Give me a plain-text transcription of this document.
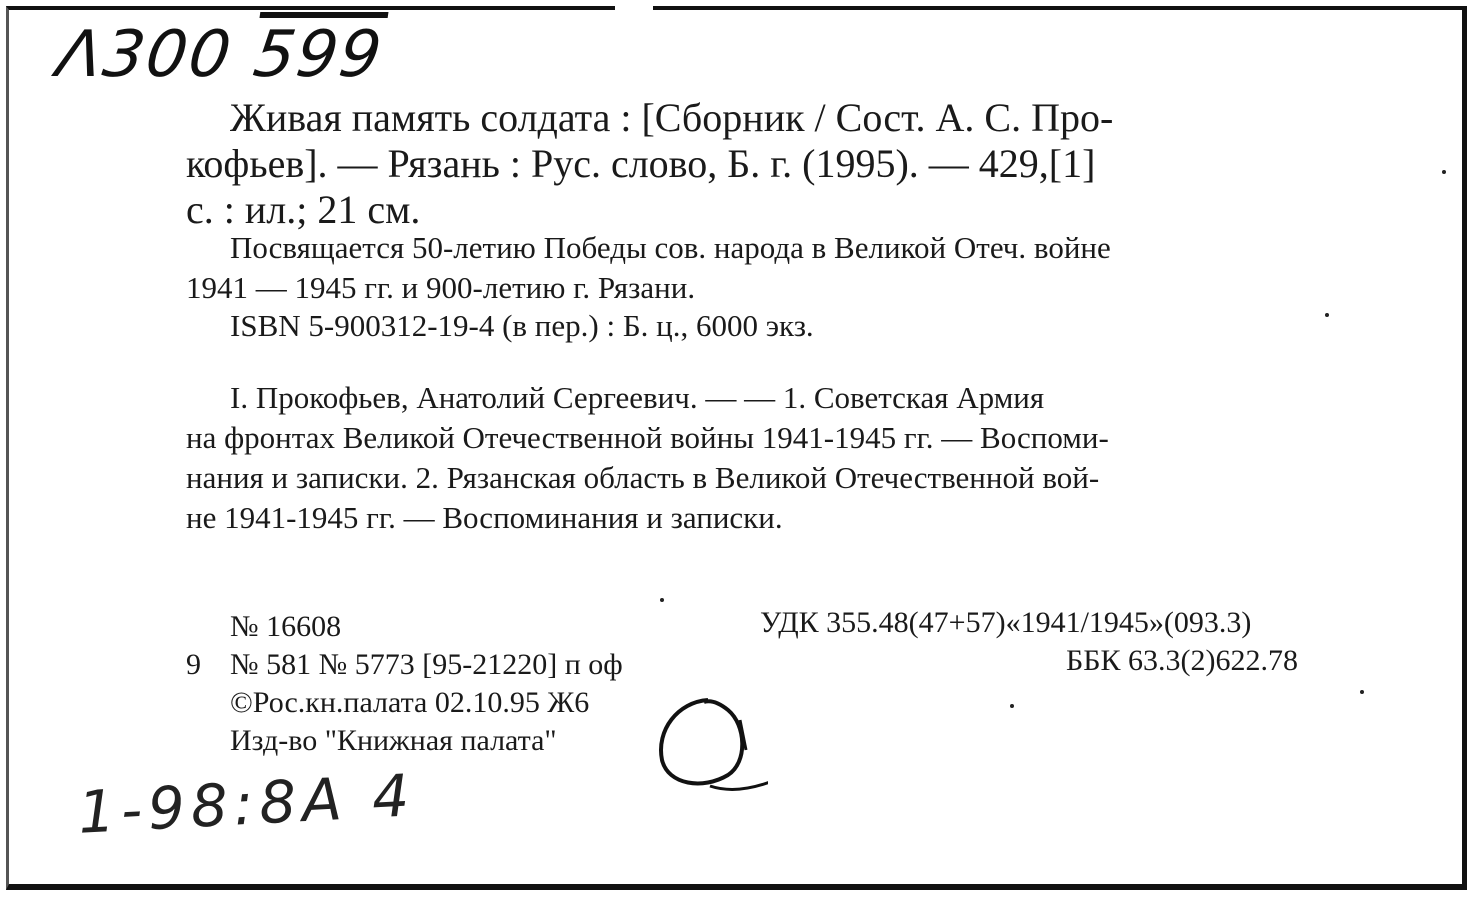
Λ300 599
Живая память солдата : [Сборник / Сост. А. С. Про-
кофьев]. — Рязань : Рус. слово, Б. г. (1995). — 429,[1]
с. : ил.; 21 см.
Посвящается 50-летию Победы сов. народа в Великой Отеч. войне
1941 — 1945 гг. и 900-летию г. Рязани.
ISBN 5-900312-19-4 (в пер.) : Б. ц., 6000 экз.
I. Прокофьев, Анатолий Сергеевич. — — 1. Советская Армия
на фронтах Великой Отечественной войны 1941-1945 гг. — Воспоми-
нания и записки. 2. Рязанская область в Великой Отечественной вой-
не 1941-1945 гг. — Воспоминания и записки.
№ 16608
9 № 581 № 5773 [95-21220] п оф
©Рос.кн.палата 02.10.95 Ж6
Изд-во "Книжная палата"
УДК 355.48(47+57)«1941/1945»(093.3)
ББК 63.3(2)622.78
1-98:8A 4
